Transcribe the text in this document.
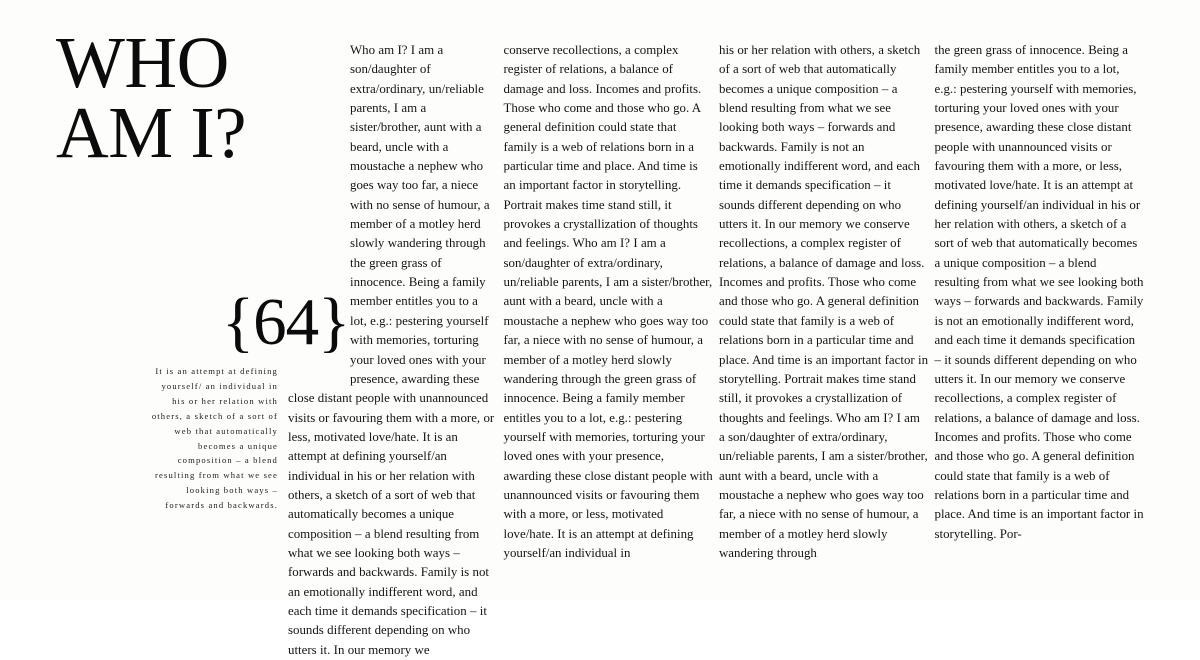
WHO
AM I?
{64}
It is an attempt at defining yourself/ an individual in his or her relation with others, a sketch of a sort of web that automatically becomes a unique composition – a blend resulting from what we see looking both ways – forwards and backwards.

Who am I? I am a son/daughter of extra/ordinary, un/reliable parents, I am a sister/brother, aunt with a beard, uncle with a moustache a nephew who goes way too far, a niece with no sense of humour, a member of a motley herd slowly wandering through the green grass of innocence. Being a family member entitles you to a lot, e.g.: pestering yourself with memories, torturing your loved ones with your presence, awarding these close distant people with unannounced visits or favouring them with a more, or less, motivated love/hate. It is an attempt at defining yourself/an individual in his or her relation with others, a sketch of a sort of web that automatically becomes a unique composition – a blend resulting from what we see looking both ways – forwards and backwards. Family is not an emotionally indifferent word, and each time it demands specification – it sounds different depending on who utters it. In our memory we

conserve recollections, a complex register of relations, a balance of damage and loss. Incomes and profits. Those who come and those who go. A general definition could state that family is a web of relations born in a particular time and place. And time is an important factor in storytelling. Portrait makes time stand still, it provokes a crystallization of thoughts and feelings. Who am I? I am a son/daughter of extra/ordinary, un/reliable parents, I am a sister/brother, aunt with a beard, uncle with a moustache a nephew who goes way too far, a niece with no sense of humour, a member of a motley herd slowly wandering through the green grass of innocence. Being a family member entitles you to a lot, e.g.: pestering yourself with memories, torturing your loved ones with your presence, awarding these close distant people with unannounced visits or favouring them with a more, or less, motivated love/hate. It is an attempt at defining yourself/an individual in

his or her relation with others, a sketch of a sort of web that automatically becomes a unique composition – a blend resulting from what we see looking both ways – forwards and backwards. Family is not an emotionally indifferent word, and each time it demands specification – it sounds different depending on who utters it. In our memory we conserve recollections, a complex register of relations, a balance of damage and loss. Incomes and profits. Those who come and those who go. A general definition could state that family is a web of relations born in a particular time and place. And time is an important factor in storytelling. Portrait makes time stand still, it provokes a crystallization of thoughts and feelings. Who am I? I am a son/daughter of extra/ordinary, un/reliable parents, I am a sister/brother, aunt with a beard, uncle with a moustache a nephew who goes way too far, a niece with no sense of humour, a member of a motley herd slowly wandering through

the green grass of innocence. Being a family member entitles you to a lot, e.g.: pestering yourself with memories, torturing your loved ones with your presence, awarding these close distant people with unannounced visits or favouring them with a more, or less, motivated love/hate. It is an attempt at defining yourself/an individual in his or her relation with others, a sketch of a sort of web that automatically becomes a unique composition – a blend resulting from what we see looking both ways – forwards and backwards. Family is not an emotionally indifferent word, and each time it demands specification – it sounds different depending on who utters it. In our memory we conserve recollections, a complex register of relations, a balance of damage and loss. Incomes and profits. Those who come and those who go. A general definition could state that family is a web of relations born in a particular time and place. And time is an important factor in storytelling. Por-
